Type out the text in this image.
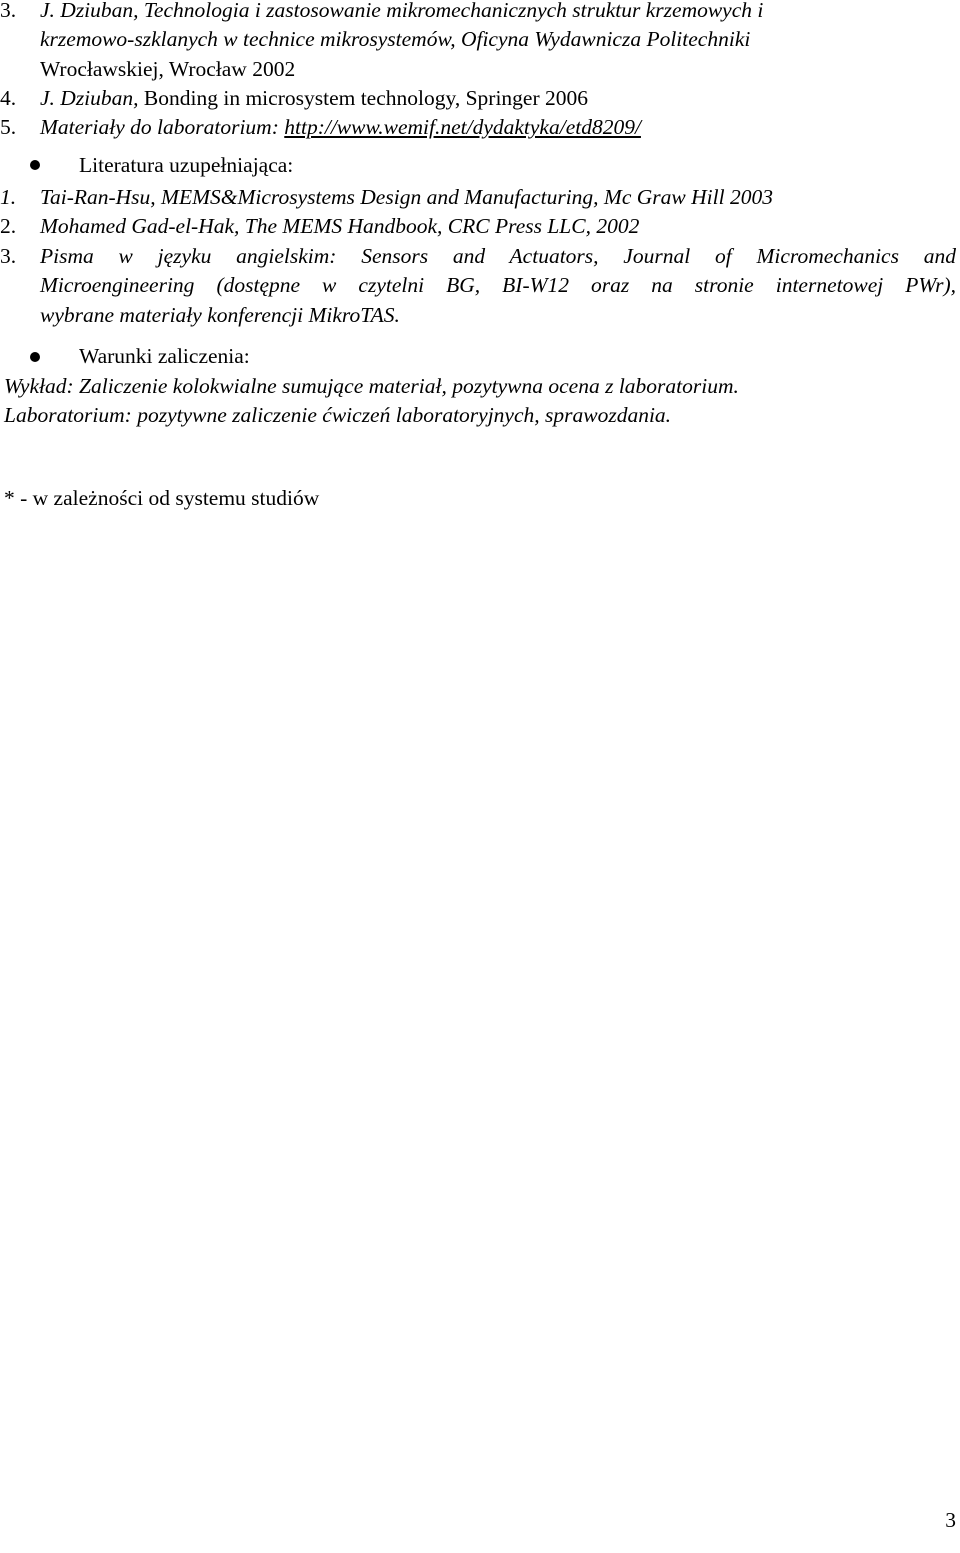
3. J. Dziuban, Technologia i zastosowanie mikromechanicznych struktur krzemowych i
krzemowo-szklanych w technice mikrosystemów, Oficyna Wydawnicza Politechniki
Wrocławskiej, Wrocław 2002
4. J. Dziuban, Bonding in microsystem technology, Springer 2006
5. Materiały do laboratorium: http://www.wemif.net/dydaktyka/etd8209/
Literatura uzupełniająca:
1. Tai-Ran-Hsu, MEMS&Microsystems Design and Manufacturing, Mc Graw Hill 2003
2. Mohamed Gad-el-Hak, The MEMS Handbook, CRC Press LLC, 2002
3. Pisma w języku angielskim: Sensors and Actuators, Journal of Micromechanics and
Microengineering (dostępne w czytelni BG, BI-W12 oraz na stronie internetowej PWr),
wybrane materiały konferencji MikroTAS.
Warunki zaliczenia:
Wykład: Zaliczenie kolokwialne sumujące materiał, pozytywna ocena z laboratorium.
Laboratorium: pozytywne zaliczenie ćwiczeń laboratoryjnych, sprawozdania.
* - w zależności od systemu studiów
3
